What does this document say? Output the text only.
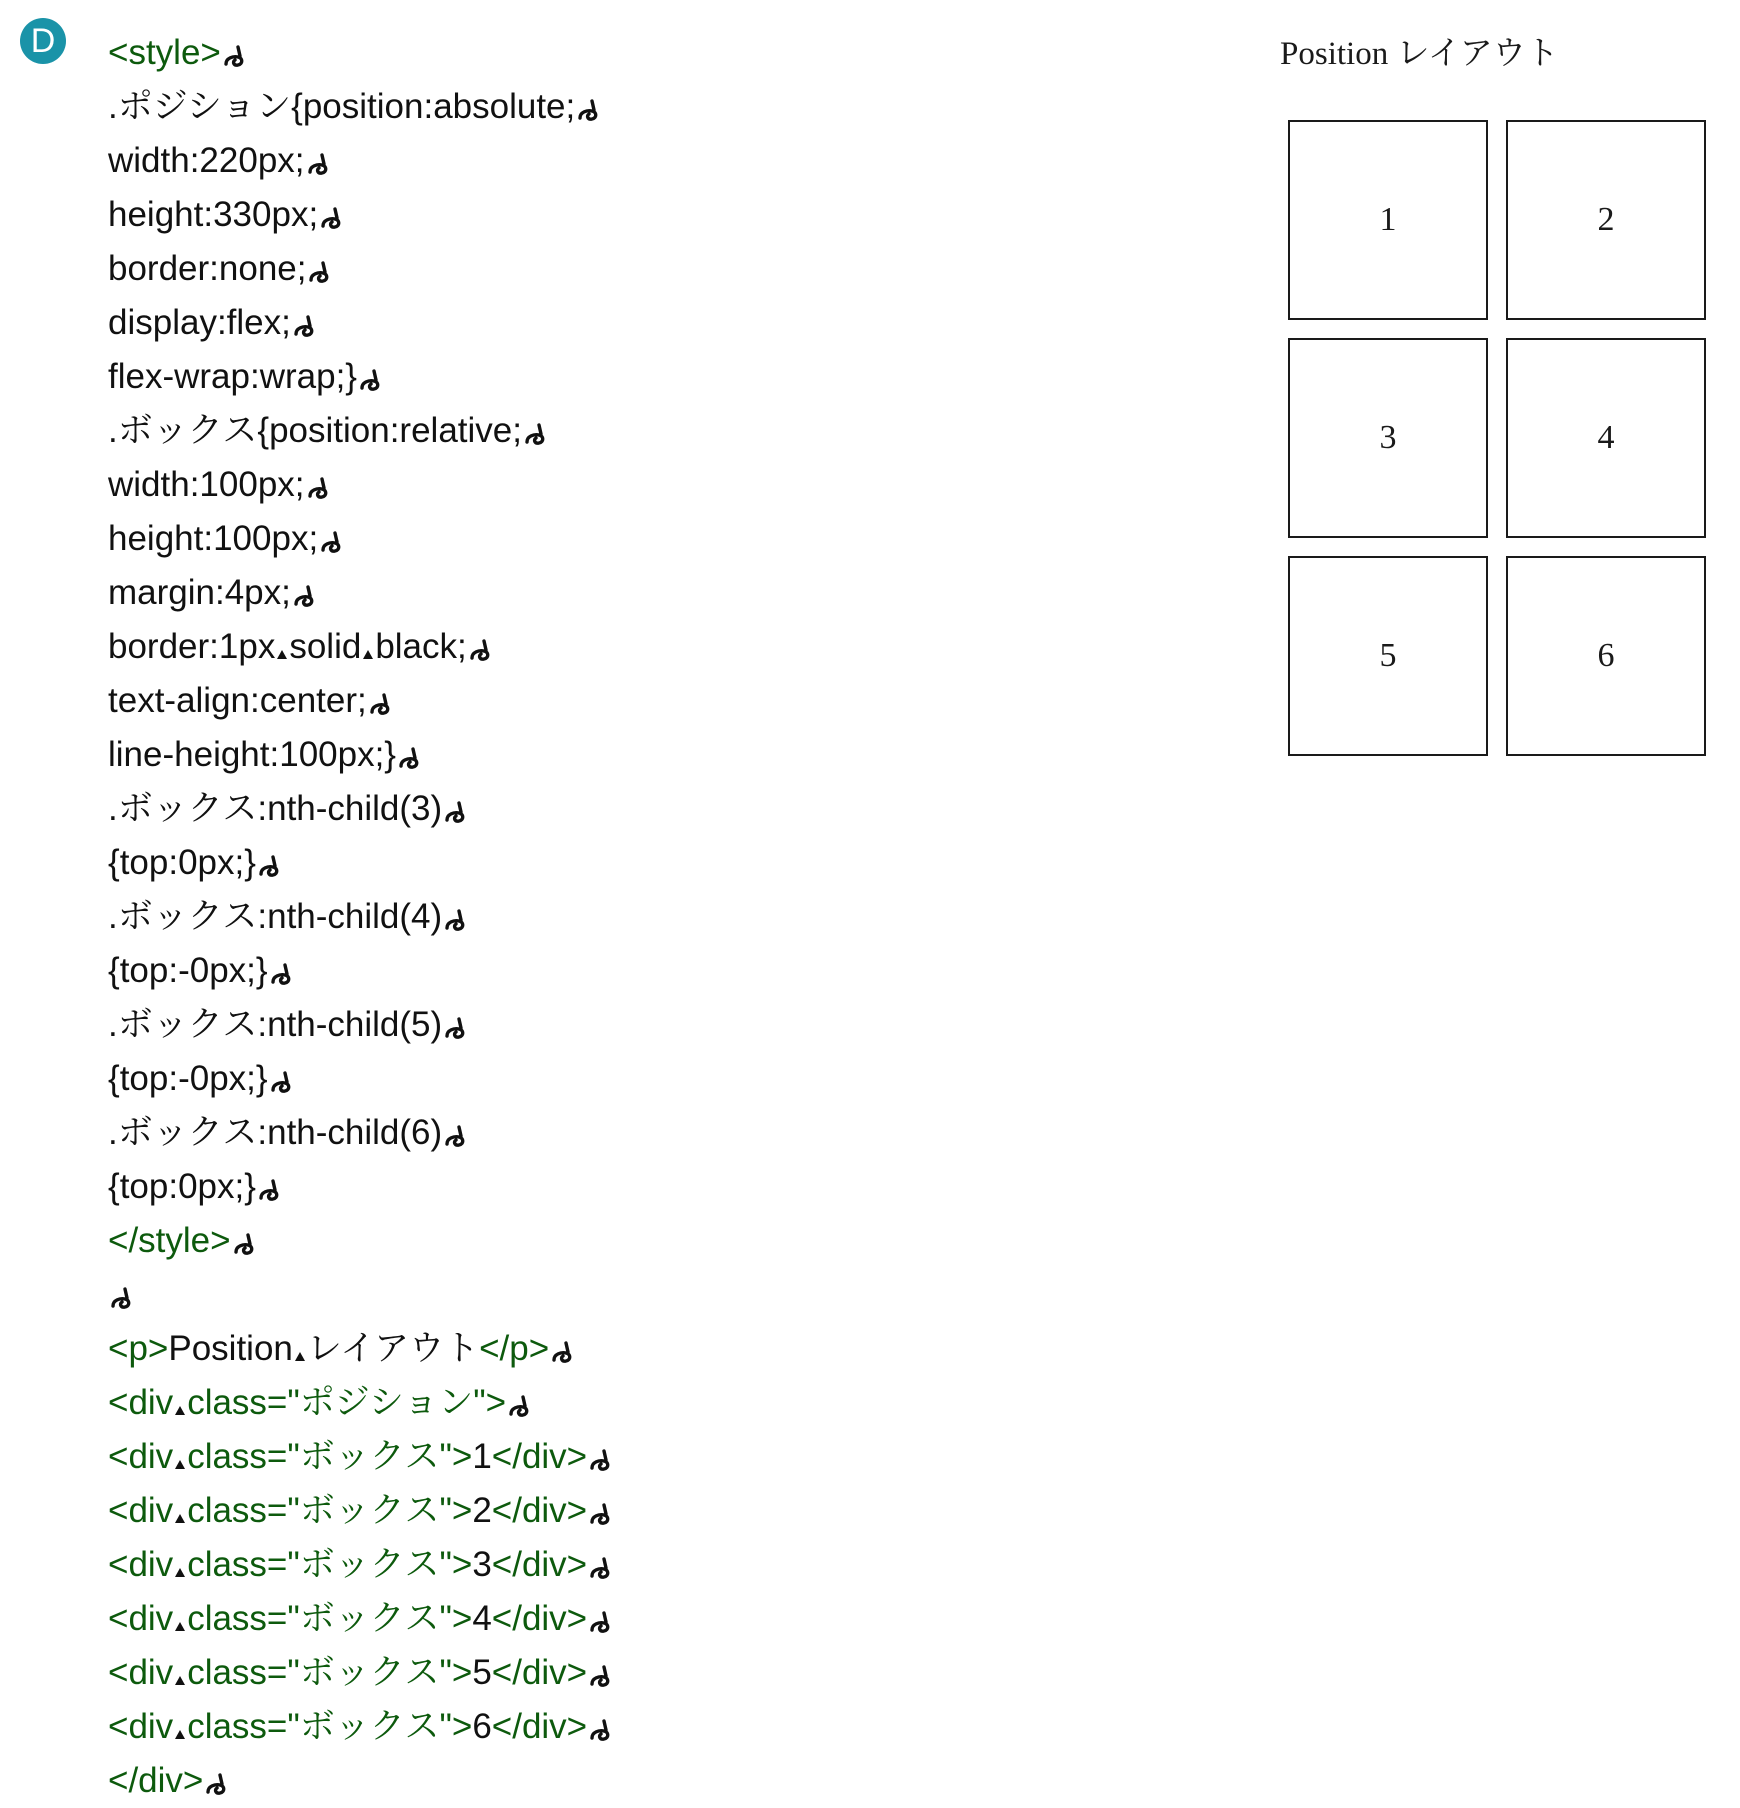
D	<style>
.ポジション{position:absolute;
width:220px;
height:330px;
border:none;
display:flex;
flex-wrap:wrap;}
.ボックス{position:relative;
width:100px;
height:100px;
margin:4px;
border:1px solid black;
text-align:center;
line-height:100px;}
.ボックス:nth-child(3)
{top:0px;}
.ボックス:nth-child(4)
{top:-0px;}
.ボックス:nth-child(5)
{top:-0px;}
.ボックス:nth-child(6)
{top:0px;}
</style>
<p>Position レイアウト</p>
<div class="ポジション">
<div class="ボックス">1</div>
<div class="ボックス">2</div>
<div class="ボックス">3</div>
<div class="ボックス">4</div>
<div class="ボックス">5</div>
<div class="ボックス">6</div>
</div>

Position レイアウト

1	2
3	4
5	6
